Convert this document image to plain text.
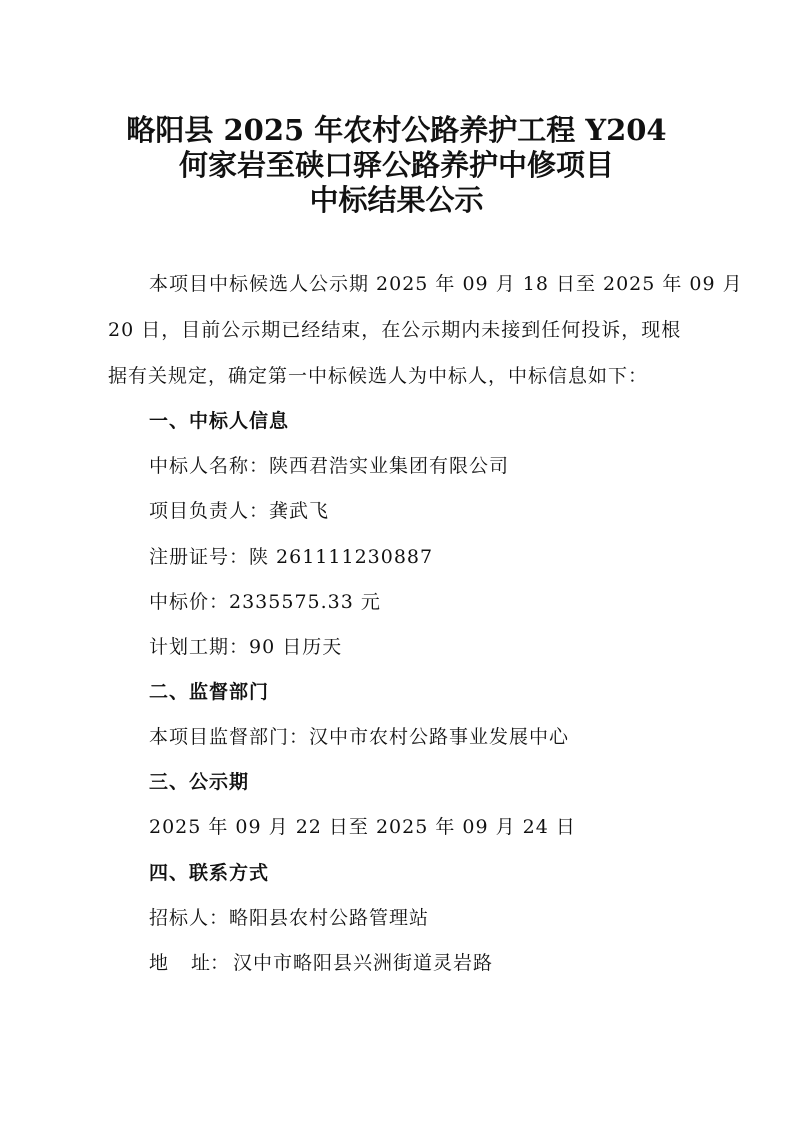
略阳县 2025 年农村公路养护工程 Y204
何家岩至硖口驿公路养护中修项目
中标结果公示
本项目中标候选人公示期 2025 年 09 月 18 日至 2025 年 09 月
20 日，目前公示期已经结束，在公示期内未接到任何投诉，现根
据有关规定，确定第一中标候选人为中标人，中标信息如下：
一、中标人信息
中标人名称：陕西君浩实业集团有限公司
项目负责人：龚武飞
注册证号：陕 261111230887
中标价：2335575.33 元
计划工期：90 日历天
二、监督部门
本项目监督部门：汉中市农村公路事业发展中心
三、公示期
2025 年 09 月 22 日至 2025 年 09 月 24 日
四、联系方式
招标人：略阳县农村公路管理站
地 址： 汉中市略阳县兴洲街道灵岩路
